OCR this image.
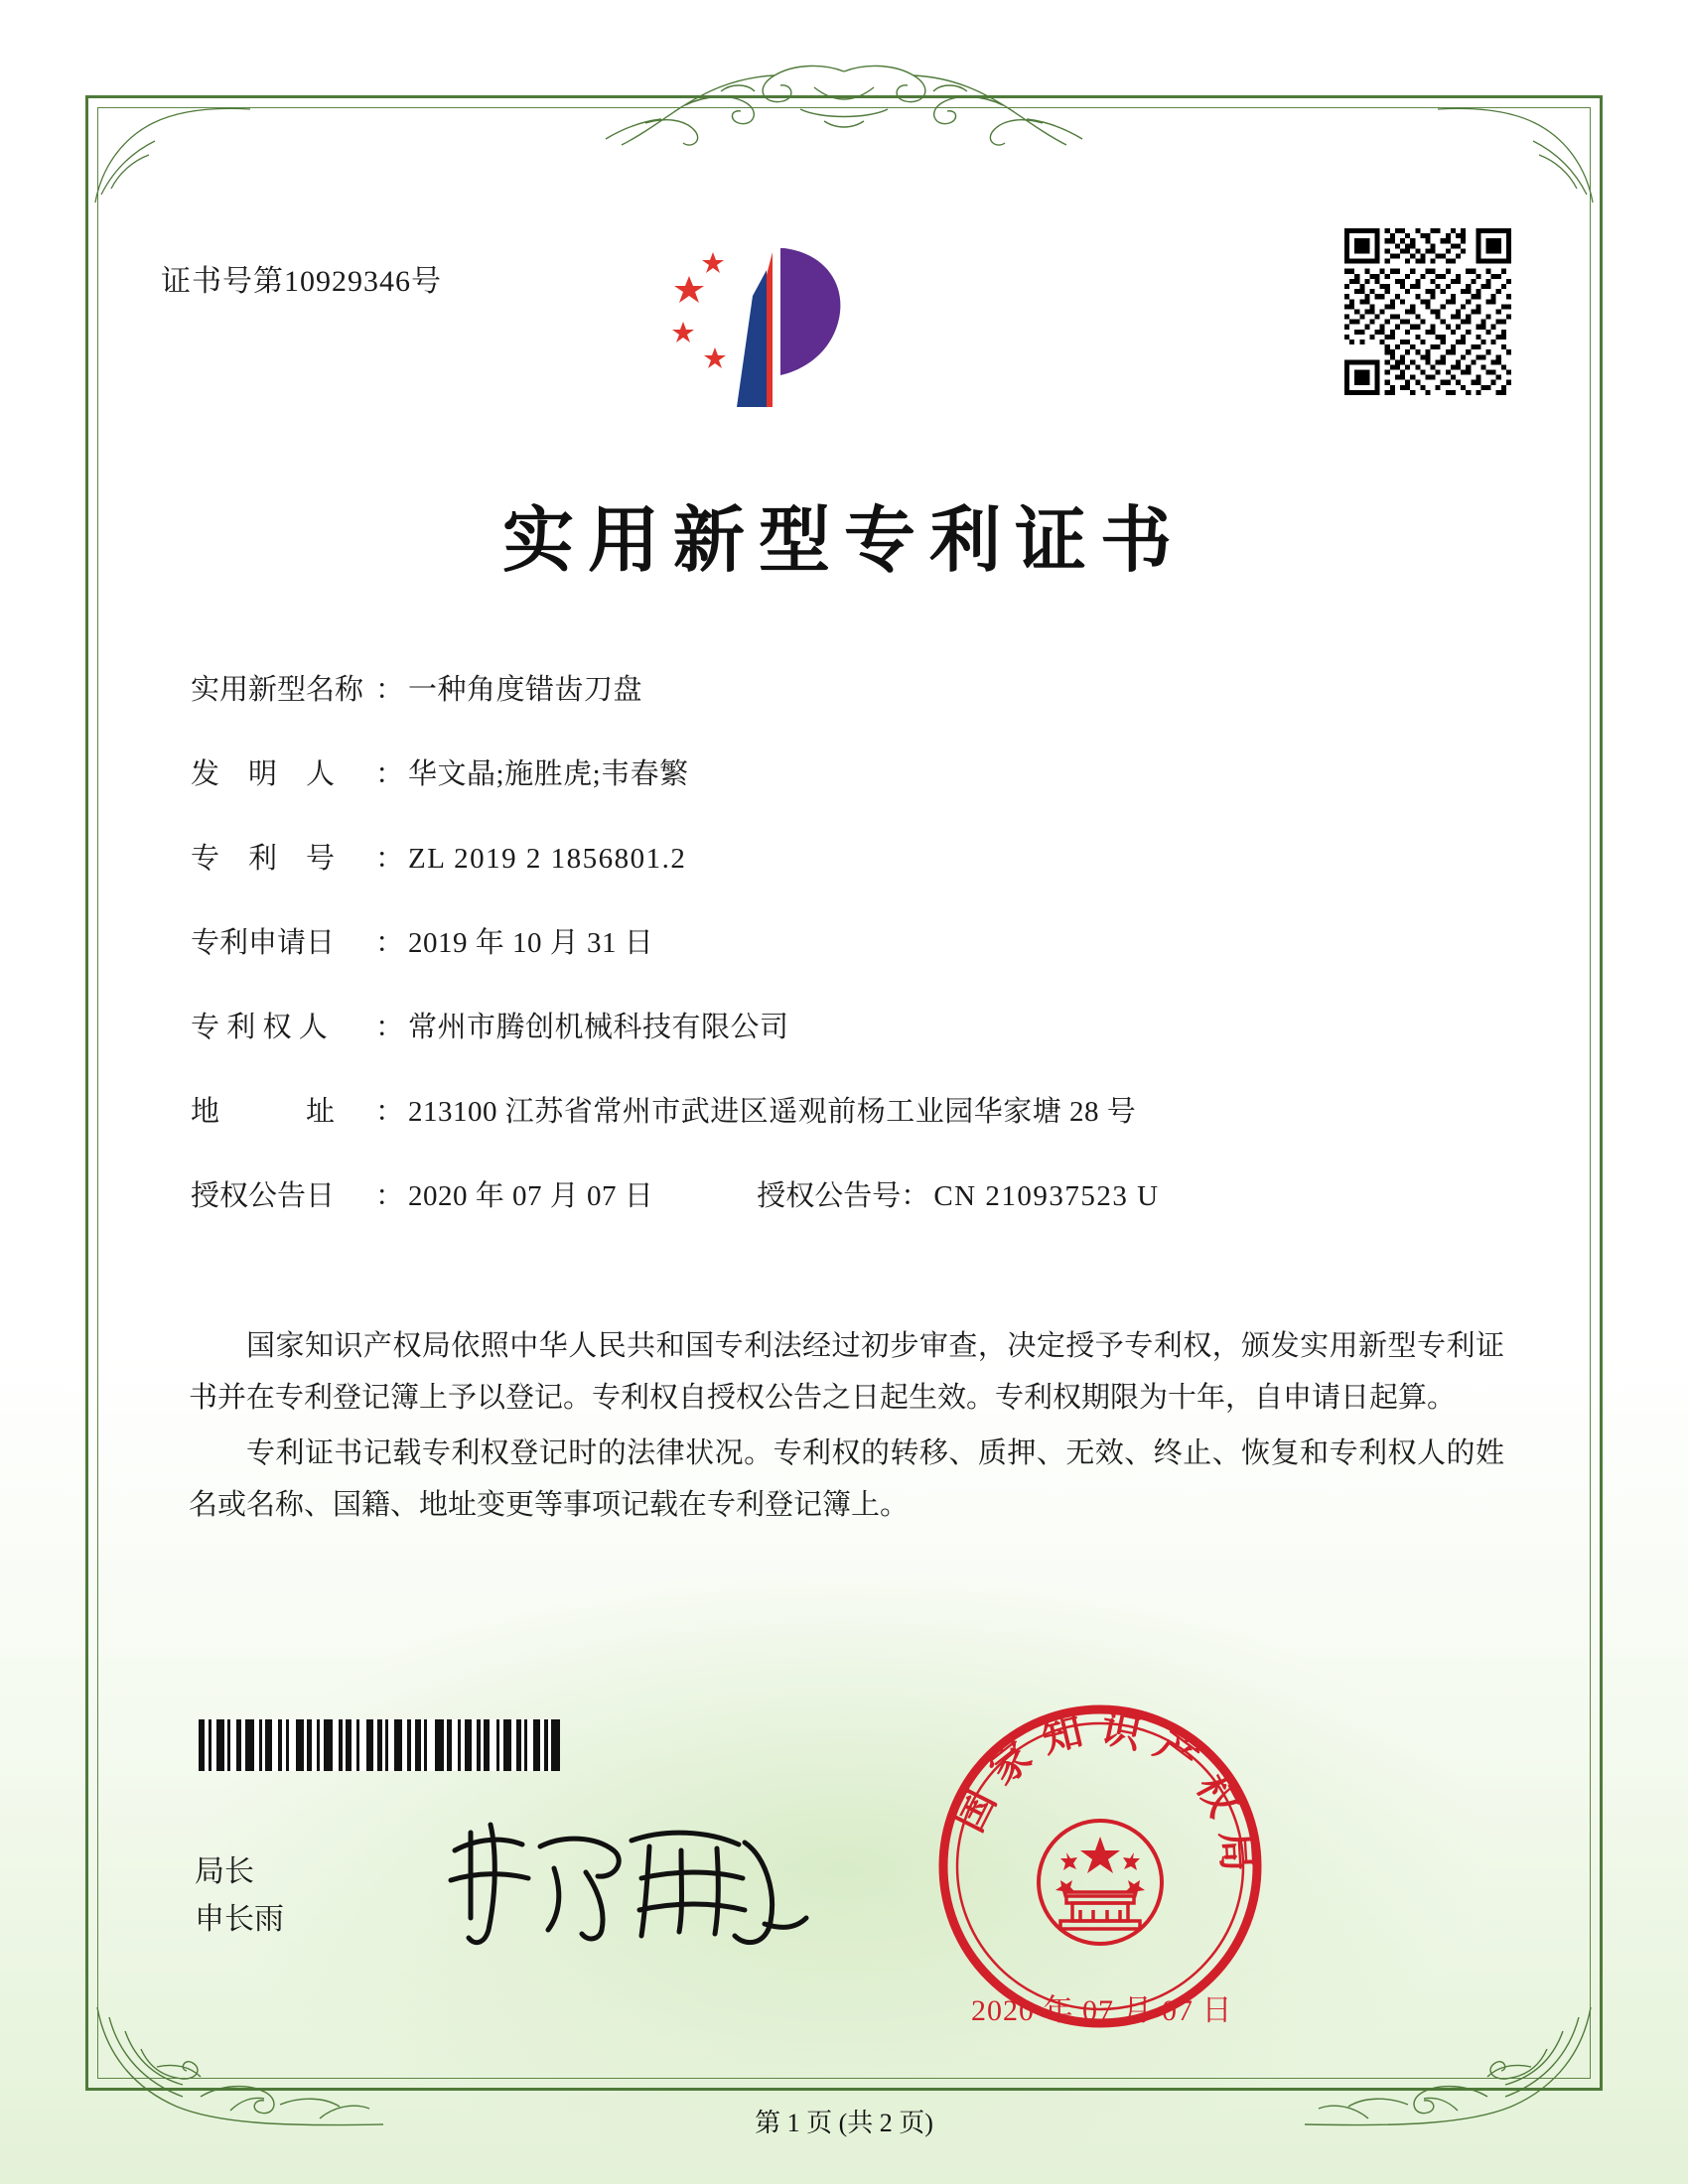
证书号第10929346号
实用新型专利证书
实用新型名称 ： 一种角度错齿刀盘
发　明　人	： 华文晶;施胜虎;韦春繁
专　利　号	： ZL 2019 2 1856801.2
专利申请日	： 2019 年 10 月 31 日
专 利 权 人	： 常州市腾创机械科技有限公司
地　　　址	： 213100 江苏省常州市武进区遥观前杨工业园华家塘 28 号
授权公告日	： 2020 年 07 月 07 日	授权公告号 ： CN 210937523 U

国家知识产权局依照中华人民共和国专利法经过初步审查，决定授予专利权，颁发实用新型专利证书并在专利登记簿上予以登记。专利权自授权公告之日起生效。专利权期限为十年，自申请日起算。

专利证书记载专利权登记时的法律状况。专利权的转移、质押、无效、终止、恢复和专利权人的姓名或名称、国籍、地址变更等事项记载在专利登记簿上。

局长
申长雨
国家知识产权局
2020 年 07 月 07 日
第 1 页 (共 2 页)
